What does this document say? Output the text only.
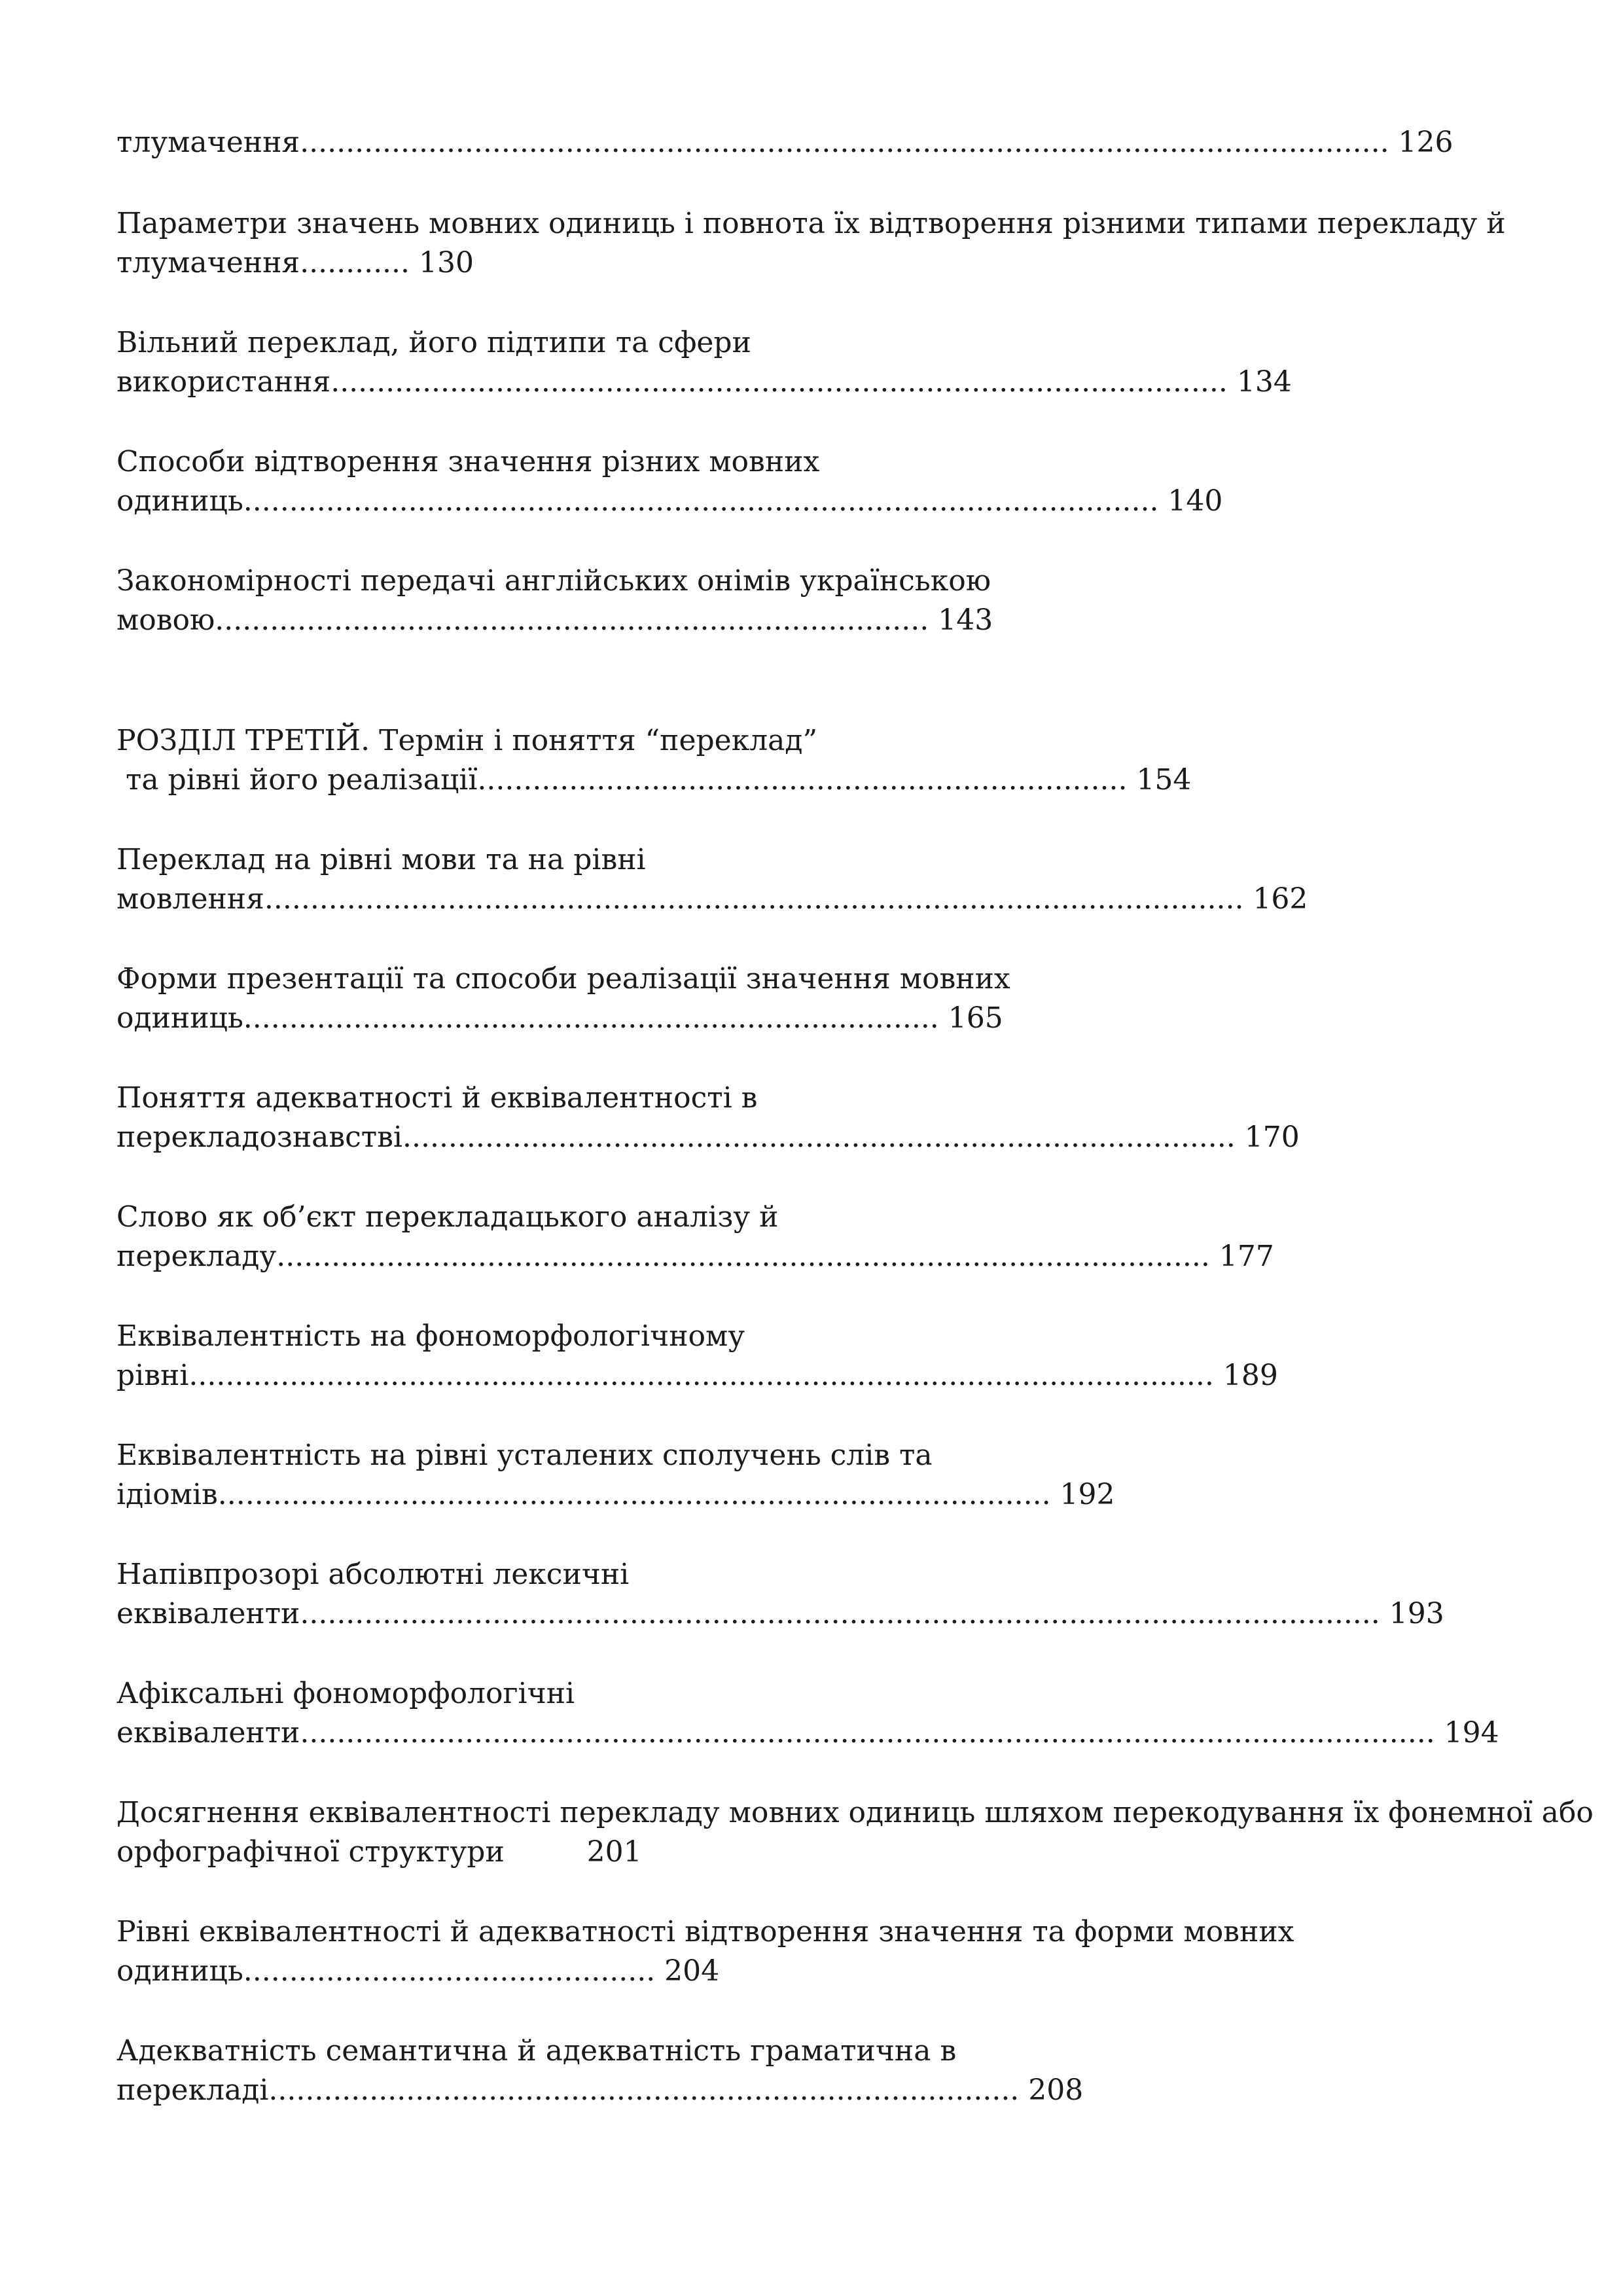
тлумачення....................................................................................................................... 126
Параметри значень мовних одиниць і повнота їх відтворення різними типами перекладу й
тлумачення............ 130
Вільний переклад, його підтипи та сфери
використання.................................................................................................. 134
Способи відтворення значення різних мовних
одиниць.................................................................................................... 140
Закономірності передачі англійських онімів українською
мовою.............................................................................. 143
РОЗДІЛ ТРЕТІЙ. Термін і поняття “переклад”
та рівні його реалізації....................................................................... 154
Переклад на рівні мови та на рівні
мовлення........................................................................................................... 162
Форми презентації та способи реалізації значення мовних
одиниць............................................................................ 165
Поняття адекватності й еквівалентності в
перекладознавстві........................................................................................... 170
Слово як об’єкт перекладацького аналізу й
перекладу...................................................................................................... 177
Еквівалентність на фономорфологічному
рівні................................................................................................................ 189
Еквівалентність на рівні усталених сполучень слів та
ідіомів........................................................................................... 192
Напівпрозорі абсолютні лексичні
еквіваленти...................................................................................................................... 193
Афіксальні фономорфологічні
еквіваленти............................................................................................................................ 194
Досягнення еквівалентності перекладу мовних одиниць шляхом перекодування їх фонемної або
орфографічної структури         201
Рівні еквівалентності й адекватності відтворення значення та форми мовних
одиниць............................................. 204
Адекватність семантична й адекватність граматична в
перекладі.................................................................................. 208
